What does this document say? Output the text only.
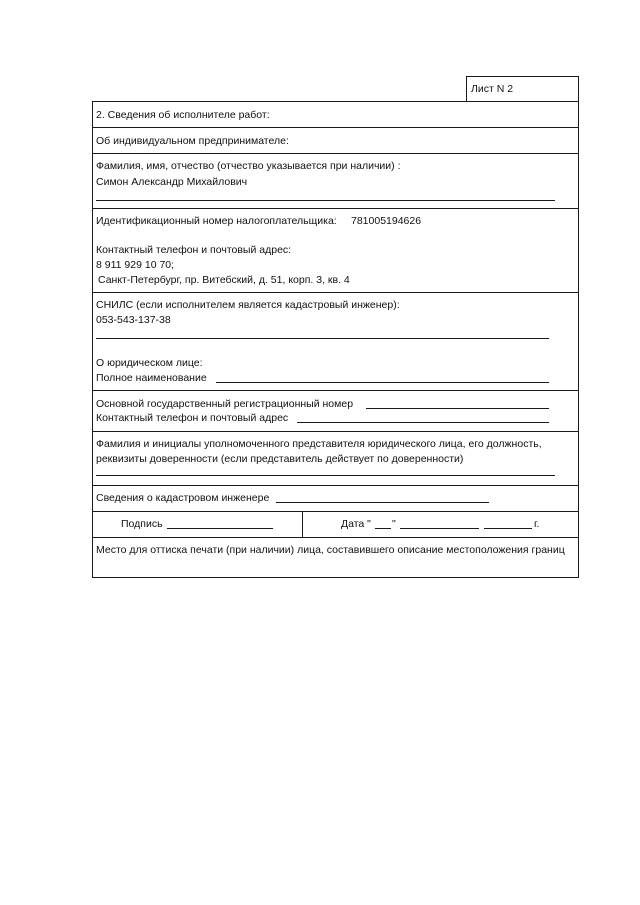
Лист N 2
2. Сведения об исполнителе работ:
Об индивидуальном предпринимателе:
Фамилия, имя, отчество (отчество указывается при наличии) :
Симон Александр Михайлович
Идентификационный номер налогоплательщика: 781005194626
Контактный телефон и почтовый адрес:
8 911 929 10 70;
Санкт-Петербург, пр. Витебский, д. 51, корп. 3, кв. 4
СНИЛС (если исполнителем является кадастровый инженер):
053-543-137-38
О юридическом лице:
Полное наименование
Основной государственный регистрационный номер
Контактный телефон и почтовый адрес
Фамилия и инициалы уполномоченного представителя юридического лица, его должность, реквизиты доверенности (если представитель действует по доверенности)
Сведения о кадастровом инженере
Подпись	Дата " "	г.
Место для оттиска печати (при наличии) лица, составившего описание местоположения границ
